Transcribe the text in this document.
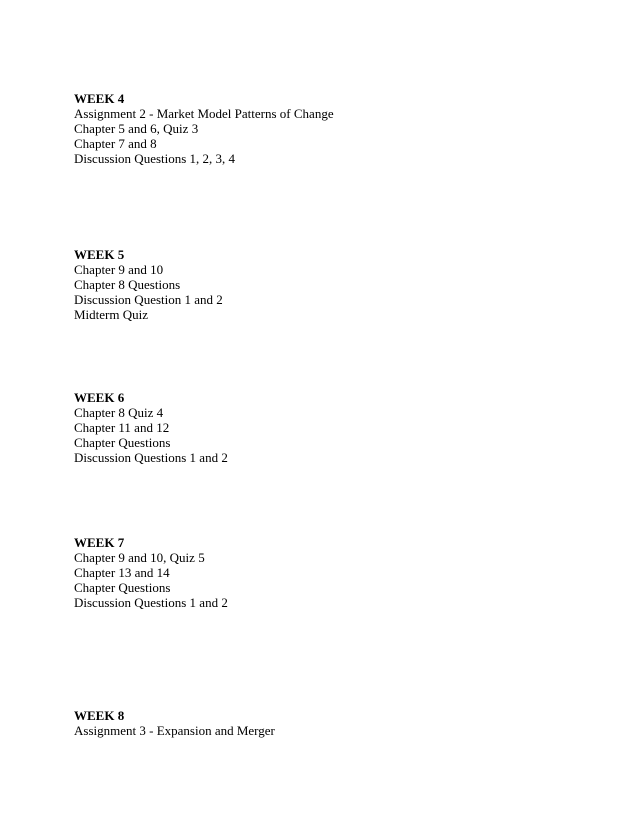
WEEK 4

Assignment 2 - Market Model Patterns of Change

Chapter 5 and 6, Quiz 3

Chapter 7 and 8

Discussion Questions 1, 2, 3, 4

WEEK 5

Chapter 9 and 10

Chapter 8 Questions

Discussion Question 1 and 2

Midterm Quiz

WEEK 6

Chapter 8 Quiz 4

Chapter 11 and 12

Chapter Questions

Discussion Questions 1 and 2

WEEK 7

Chapter 9 and 10, Quiz 5

Chapter 13 and 14

Chapter Questions

Discussion Questions 1 and 2

WEEK 8

Assignment 3 - Expansion and Merger
